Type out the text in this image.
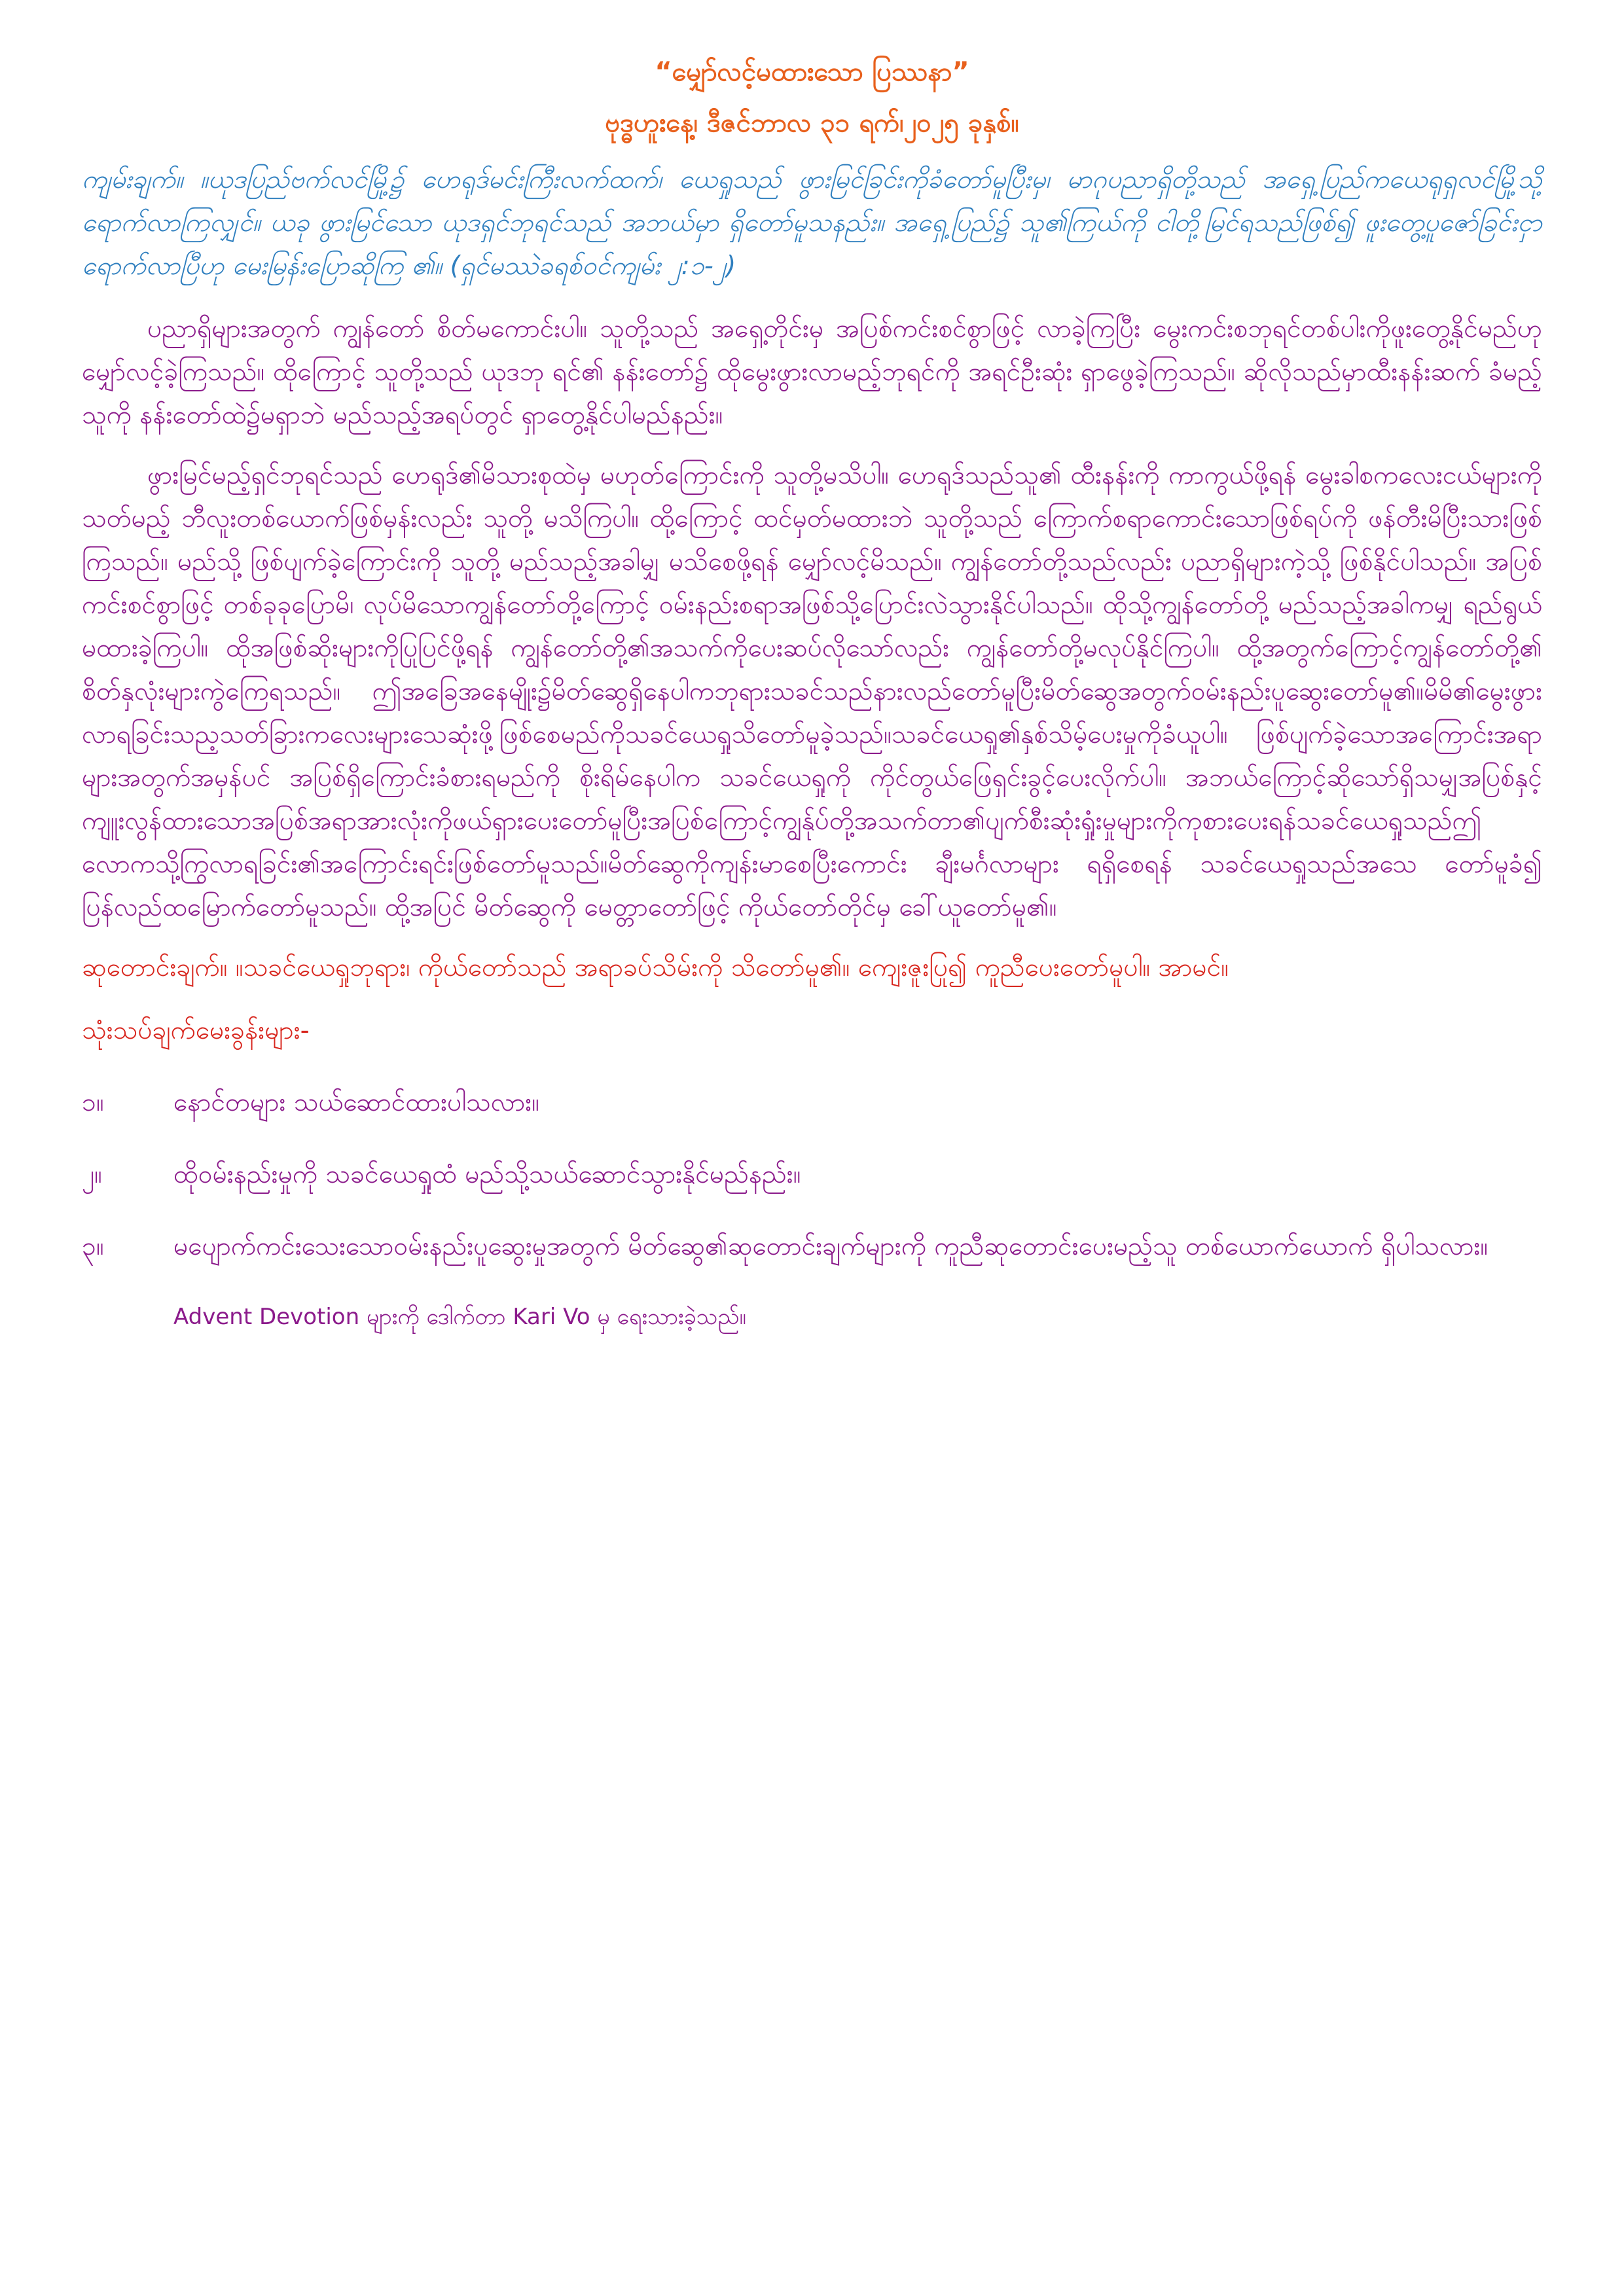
“မျှော်လင့်မထားသော ပြဿနာ”
ဗုဒ္ဓဟူးနေ့၊ ဒီဇင်ဘာလ ၃၁ ရက်၊၂၀၂၅ ခုနှစ်။

ကျမ်းချက်။ ။ယုဒပြည်ဗက်လင်မြို့၌ ဟေရုဒ်မင်းကြီးလက်ထက်၊ ယေရှုသည် ဖွားမြင်ခြင်းကိုခံတော်မူပြီးမှ၊ မာဂုပညာရှိတို့သည် အရှေ့ပြည်ကယေရုရှလင်မြို့သို့ ရောက်လာကြလျှင်။ ယခု ဖွားမြင်သော ယုဒရှင်ဘုရင်သည် အဘယ်မှာ ရှိတော်မူသနည်း။ အရှေ့ပြည်၌ သူ၏ကြယ်ကို ငါတို့မြင်ရသည်ဖြစ်၍ ဖူးတွေ့ပူဇော်ခြင်းငှာ ရောက်လာပြီဟု မေးမြန်းပြောဆိုကြ ၏။ (ရှင်မဿဲခရစ်ဝင်ကျမ်း ၂:၁-၂)

ပညာရှိများအတွက် ကျွန်တော် စိတ်မကောင်းပါ။ သူတို့သည် အရှေ့တိုင်းမှ အပြစ်ကင်းစင်စွာဖြင့် လာခဲ့ကြပြီး မွေးကင်းစဘုရင်တစ်ပါးကိုဖူးတွေ့နိုင်မည်ဟု မျှော်လင့်ခဲ့ကြသည်။ ထိုကြောင့် သူတို့သည် ယုဒဘု ရင်၏ နန်းတော်၌ ထိုမွေးဖွားလာမည့်ဘုရင်ကို အရင်ဦးဆုံး ရှာဖွေခဲ့ကြသည်။ ဆိုလိုသည်မှာထီးနန်းဆက် ခံမည့်သူကို နန်းတော်ထဲ၌မရှာဘဲ မည်သည့်အရပ်တွင် ရှာတွေ့နိုင်ပါမည်နည်း။

ဖွားမြင်မည့်ရှင်ဘုရင်သည် ဟေရုဒ်၏မိသားစုထဲမှ မဟုတ်ကြောင်းကို သူတို့မသိပါ။ ဟေရုဒ်သည်သူ၏ ထီးနန်းကို ကာကွယ်ဖို့ရန် မွေးခါစကလေးငယ်များကို သတ်မည့် ဘီလူးတစ်ယောက်ဖြစ်မှန်းလည်း သူတို့ မသိကြပါ။ ထို့ကြောင့် ထင်မှတ်မထားဘဲ သူတို့သည် ကြောက်စရာကောင်းသောဖြစ်ရပ်ကို ဖန်တီးမိပြီးသားဖြစ်ကြသည်။ မည်သို့ ဖြစ်ပျက်ခဲ့ကြောင်းကို သူတို့ မည်သည့်အခါမျှ မသိစေဖို့ရန် မျှော်လင့်မိသည်။ ကျွန်တော်တို့သည်လည်း ပညာရှိများကဲ့သို့ ဖြစ်နိုင်ပါသည်။ အပြစ်ကင်းစင်စွာဖြင့် တစ်ခုခုပြောမိ၊ လုပ်မိသောကျွန်တော်တို့ကြောင့် ဝမ်းနည်းစရာအဖြစ်သို့ပြောင်းလဲသွားနိုင်ပါသည်။ ထိုသို့ကျွန်တော်တို့ မည်သည့်အခါကမျှ ရည်ရွယ်မထားခဲ့ကြပါ။ ထိုအဖြစ်ဆိုးများကိုပြုပြင်ဖို့ရန် ကျွန်တော်တို့၏အသက်ကိုပေးဆပ်လိုသော်လည်း ကျွန်တော်တို့မလုပ်နိုင်ကြပါ။ ထို့အတွက်ကြောင့်ကျွန်တော်တို့၏ စိတ်နှလုံးများကွဲကြေရသည်။ ဤအခြေအနေမျိုး၌မိတ်ဆွေရှိနေပါကဘုရားသခင်သည်နားလည်တော်မူပြီးမိတ်ဆွေအတွက်ဝမ်းနည်းပူဆွေးတော်မူ၏။မိမိ၏မွေးဖွားလာရခြင်းသည့သတ်ခြားကလေးများသေဆုံးဖို့ဖြစ်စေမည်ကိုသခင်ယေရှုသိတော်မူခဲ့သည်။သခင်ယေရှု၏နှစ်သိမ့်ပေးမှုကိုခံယူပါ။ ဖြစ်ပျက်ခဲ့သောအကြောင်းအရာများအတွက်အမှန်ပင် အပြစ်ရှိကြောင်းခံစားရမည်ကို စိုးရိမ်နေပါက သခင်ယေရှုကို ကိုင်တွယ်ဖြေရှင်းခွင့်ပေးလိုက်ပါ။ အဘယ်ကြောင့်ဆိုသော်ရှိသမျှအပြစ်နှင့်ကျူးလွန်ထားသောအပြစ်အရာအားလုံးကိုဖယ်ရှားပေးတော်မူပြီးအပြစ်ကြောင့်ကျွန်ုပ်တို့အသက်တာ၏ပျက်စီးဆုံးရှုံးမှုများကိုကုစားပေးရန်သခင်ယေရှုသည်ဤလောကသို့ကြွလာရခြင်း၏အကြောင်းရင်းဖြစ်တော်မူသည်။မိတ်ဆွေကိုကျန်းမာစေပြီးကောင်း ချီးမင်္ဂလာများ ရရှိစေရန် သခင်ယေရှုသည်အသေ တော်မူခံ၍ ပြန်လည်ထမြောက်တော်မူသည်။ ထို့အပြင် မိတ်ဆွေကို မေတ္တာတော်ဖြင့် ကိုယ်တော်တိုင်မှ ခေါ်ယူတော်မူ၏။

ဆုတောင်းချက်။ ။သခင်ယေရှုဘုရား၊ ကိုယ်တော်သည် အရာခပ်သိမ်းကို သိတော်မူ၏။ ကျေးဇူးပြု၍ ကူညီပေးတော်မူပါ။ အာမင်။

သုံးသပ်ချက်မေးခွန်းများ-
၁။	နောင်တများ သယ်ဆောင်ထားပါသလား။
၂။	ထိုဝမ်းနည်းမှုကို သခင်ယေရှုထံ မည်သို့သယ်ဆောင်သွားနိုင်မည်နည်း။
၃။	မပျောက်ကင်းသေးသောဝမ်းနည်းပူဆွေးမှုအတွက် မိတ်ဆွေ၏ဆုတောင်းချက်များကို ကူညီဆုတောင်းပေးမည့်သူ တစ်ယောက်ယောက် ရှိပါသလား။
Advent Devotion များကို ဒေါက်တာ Kari Vo မှ ရေးသားခဲ့သည်။
